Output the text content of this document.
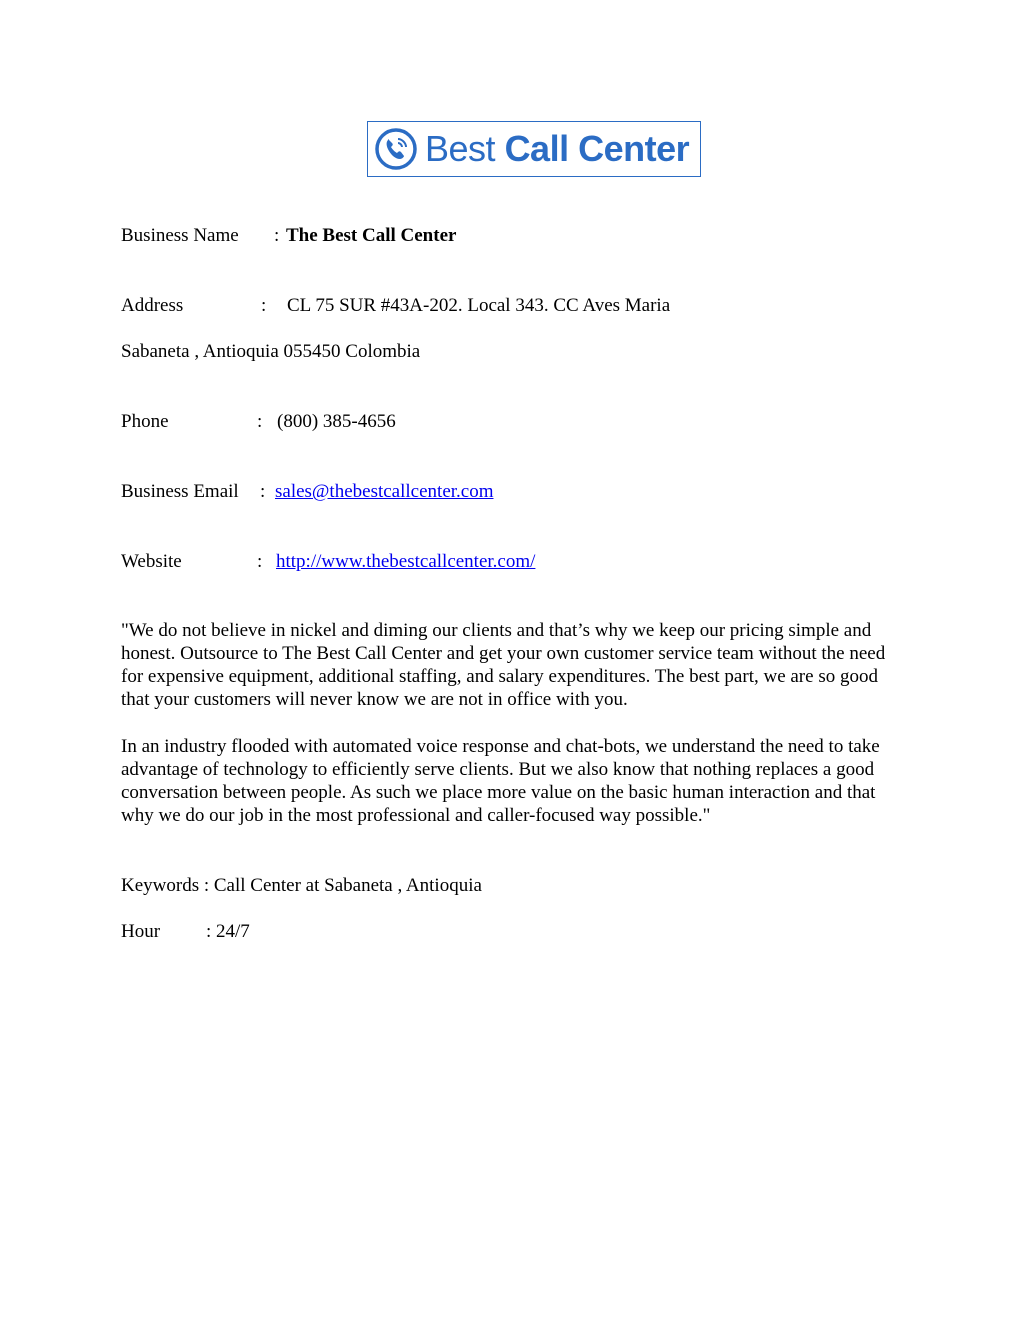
Best Call Center
Business Name : The Best Call Center
Address	: CL 75 SUR #43A-202. Local 343. CC Aves Maria
Sabaneta , Antioquia 055450 Colombia
Phone	: (800) 385-4656
Business Email : sales@thebestcallcenter.com
Website	: http://www.thebestcallcenter.com/

"We do not believe in nickel and diming our clients and that’s why we keep our pricing simple and honest. Outsource to The Best Call Center and get your own customer service team without the need for expensive equipment, additional staffing, and salary expenditures. The best part, we are so good that your customers will never know we are not in office with you.

In an industry flooded with automated voice response and chat-bots, we understand the need to take advantage of technology to efficiently serve clients. But we also know that nothing replaces a good conversation between people. As such we place more value on the basic human interaction and that why we do our job in the most professional and caller-focused way possible."

Keywords : Call Center at Sabaneta , Antioquia
Hour : 24/7
